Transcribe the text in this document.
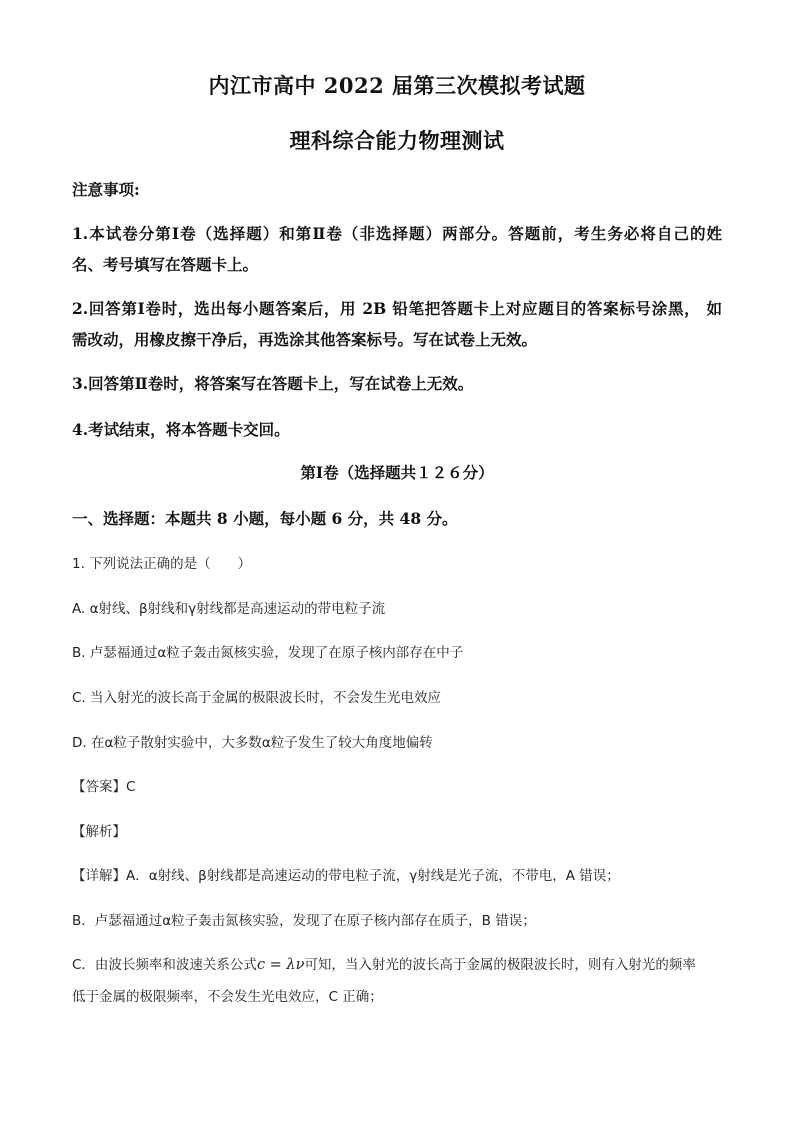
内江市高中 2022 届第三次模拟考试题
理科综合能力物理测试
注意事项:
1.本试卷分第Ⅰ卷（选择题）和第Ⅱ卷（非选择题）两部分。答题前，考生务必将自己的姓
名、考号填写在答题卡上。
2.回答第Ⅰ卷时，选出每小题答案后，用 2B 铅笔把答题卡上对应题目的答案标号涂黑， 如
需改动，用橡皮擦干净后，再选涂其他答案标号。写在试卷上无效。
3.回答第Ⅱ卷时，将答案写在答题卡上，写在试卷上无效。
4.考试结束，将本答题卡交回。
第Ⅰ卷（选择题共１２６分）
一、选择题：本题共 8 小题，每小题 6 分，共 48 分。
1. 下列说法正确的是（　　）
A. α射线、β射线和γ射线都是高速运动的带电粒子流
B. 卢瑟福通过α粒子轰击氮核实验，发现了在原子核内部存在中子
C. 当入射光的波长高于金属的极限波长时，不会发生光电效应
D. 在α粒子散射实验中，大多数α粒子发生了较大角度地偏转
【答案】C
【解析】
【详解】A．α射线、β射线都是高速运动的带电粒子流，γ射线是光子流，不带电，A 错误；
B．卢瑟福通过α粒子轰击氮核实验，发现了在原子核内部存在质子，B 错误；
C．由波长频率和波速关系公式c = λν可知，当入射光的波长高于金属的极限波长时，则有入射光的频率
低于金属的极限频率，不会发生光电效应，C 正确；
